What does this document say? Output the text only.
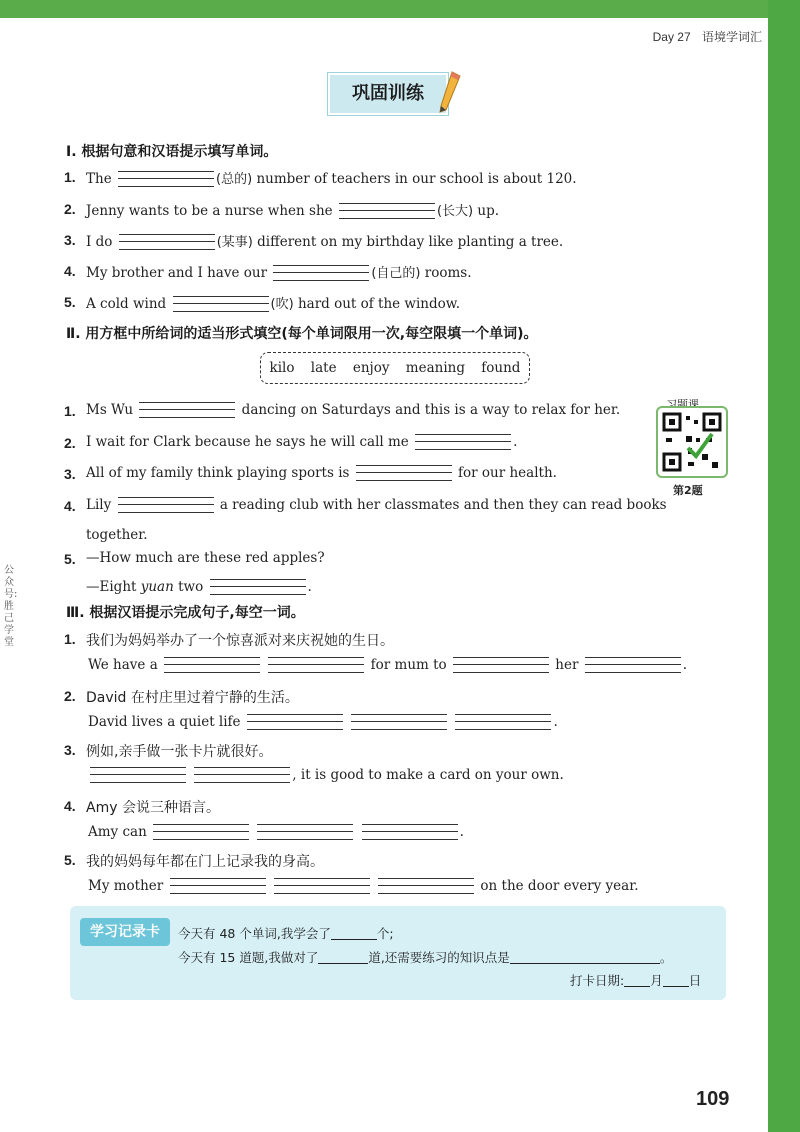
Day 27 语境学词汇
巩固训练
Ⅰ. 根据句意和汉语提示填写单词。
1. The	(总的) number of teachers in our school is about 120.
2. Jenny wants to be a nurse when she	(长大) up.
3. I do	(某事) different on my birthday like planting a tree.
4. My brother and I have our	(自己的) rooms.
5. A cold wind	(吹) hard out of the window.
Ⅱ. 用方框中所给词的适当形式填空(每个单词限用一次,每空限填一个单词)。
kilo late enjoy meaning found
1. Ms Wu	dancing on Saturdays and this is a way to relax for her.
2. I wait for Clark because he says he will call me	.
3. All of my family think playing sports is	for our health.
4. Lily	a reading club with her classmates and then they can read books
together.
5. —How much are these red apples?
—Eight yuan two	.
习题课
第2题
公众号:胜己学堂
Ⅲ. 根据汉语提示完成句子,每空一词。
1. 我们为妈妈举办了一个惊喜派对来庆祝她的生日。
We have a	for mum to	her	.
2. David 在村庄里过着宁静的生活。
David lives a quiet life	.
3. 例如,亲手做一张卡片就很好。
, it is good to make a card on your own.
4. Amy 会说三种语言。
Amy can	.
5. 我的妈妈每年都在门上记录我的身高。
My mother	on the door every year.
学习记录卡	今天有 48 个单词,我学会了	个;
今天有 15 道题,我做对了	道,还需要练习的知识点是	。
打卡日期: 月 日
109
